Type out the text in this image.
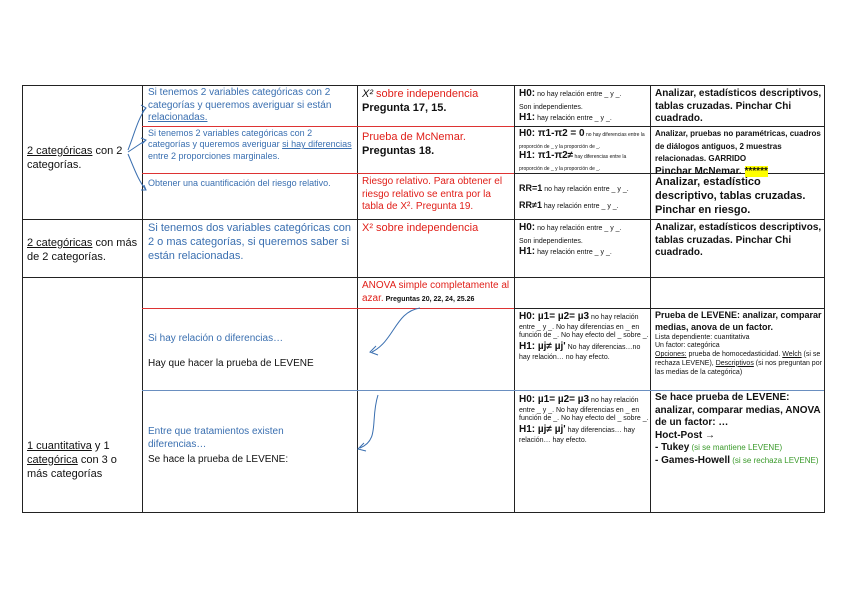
2 categóricas con 2 categorías.
Si tenemos 2 variables categóricas con 2 categorías y queremos averiguar si están relacionadas.
Si tenemos 2 variables categóricas con 2 categorías y queremos averiguar si hay diferencias entre 2 proporciones marginales.
Obtener una cuantificación del riesgo relativo.
X² sobre independencia
Pregunta 17, 15.
Prueba de McNemar.
Preguntas 18.
Riesgo relativo. Para obtener el riesgo relativo se entra por la tabla de X². Pregunta 19.
H0: no hay relación entre _ y _.
Son independientes.
H1: hay relación entre _ y _.
H0: π1-π2 = 0 no hay diferencias entre la proporción de _ y la proporción de _.
H1: π1-π2≠ hay diferencias entre la proporción de _ y la proporción de _.
RR=1 no hay relación entre _ y _.
RR≠1 hay relación entre _ y _.
Analizar, estadísticos descriptivos, tablas cruzadas. Pinchar Chi cuadrado.
Analizar, pruebas no paramétricas, cuadros de diálogos antiguos, 2 muestras relacionadas. GARRIDO
Pinchar McNemar. ******
Analizar, estadístico descriptivo, tablas cruzadas. Pinchar en riesgo.
2 categóricas con más de 2 categorías.
Si tenemos dos variables categóricas con 2 o mas categorías, si queremos saber si están relacionadas.
X² sobre independencia	H0: no hay relación entre _ y _.
Son independientes.
H1: hay relación entre _ y _.
Analizar, estadísticos descriptivos, tablas cruzadas. Pinchar Chi cuadrado.
1 cuantitativa y 1 categórica con 3 o más categorías
ANOVA simple completamente al azar. Preguntas 20, 22, 24, 25.26
Si hay relación o diferencias…
Hay que hacer la prueba de LEVENE
Entre que tratamientos existen diferencias…
Se hace la prueba de LEVENE:
H0: µ1= µ2= µ3 no hay relación entre _ y _. No hay diferencias en _ en función de _. No hay efecto del _ sobre _.
H1: µj≠ µj' No hay diferencias…no hay relación… no hay efecto.
H0: µ1= µ2= µ3 no hay relación entre _ y _. No hay diferencias en _ en función de _. No hay efecto del _ sobre _.
H1: µj≠ µj' hay diferencias… hay relación… hay efecto.
Prueba de LEVENE: analizar, comparar medias, anova de un factor.
Lista dependiente: cuantitativa
Un factor: categórica
Opciones: prueba de homocedasticidad. Welch (si se rechaza LEVENE), Descriptivos (si nos preguntan por las medias de la categórica)
Se hace prueba de LEVENE: analizar, comparar medias, ANOVA de un factor: …
Hoct-Post →
- Tukey (si se mantiene LEVENE)
- Games-Howell (si se rechaza LEVENE)
